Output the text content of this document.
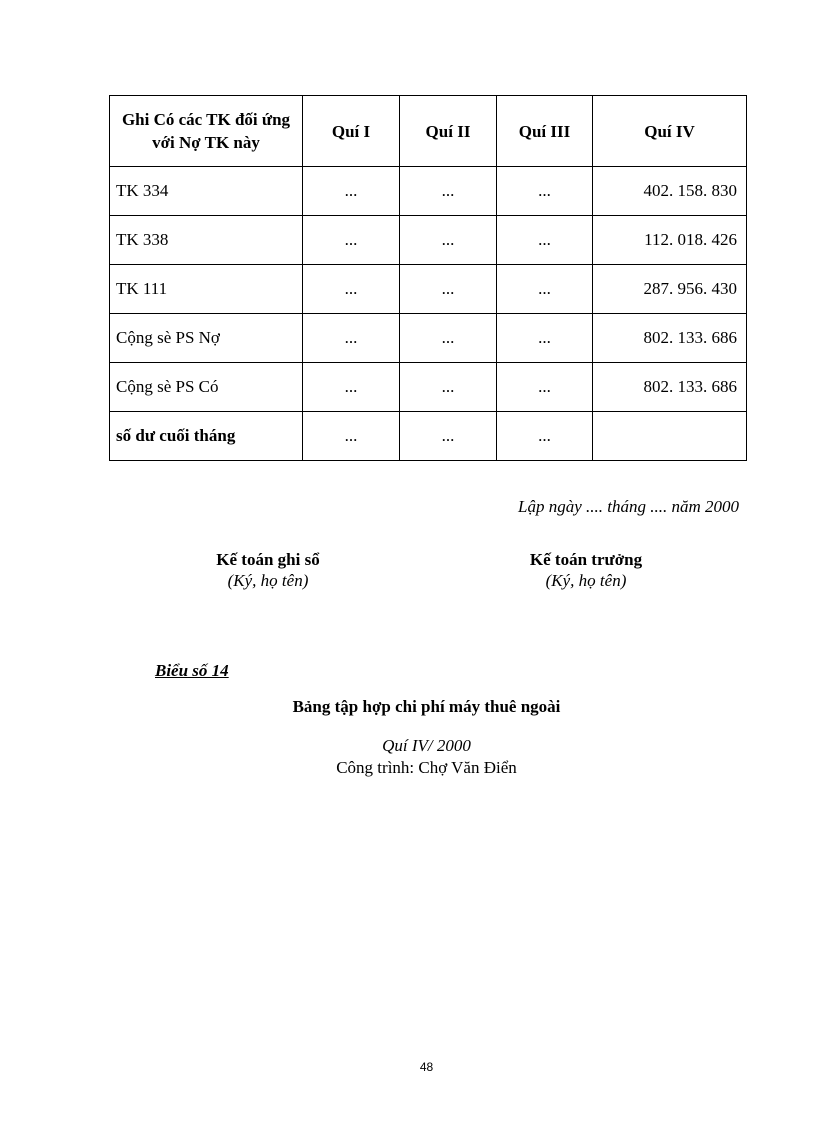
Ghi Có các TK đối ứng với Nợ TK này	Quí I	Quí II	Quí III	Quí IV
TK 334	...	...	...	402. 158. 830
TK 338	...	...	...	112. 018. 426
TK 111	...	...	...	287. 956. 430
Cộng sè PS Nợ	...	...	...	802. 133. 686
Cộng sè PS Có	...	...	...	802. 133. 686
số dư cuối tháng	...	...	...	
Lập ngày .... tháng .... năm 2000
Kế toán ghi sổ
(Ký, họ tên)
Kế toán trưởng
(Ký, họ tên)
Biểu số 14
Bảng tập hợp chi phí máy thuê ngoài
Quí IV/ 2000
Công trình: Chợ Văn Điển
48
